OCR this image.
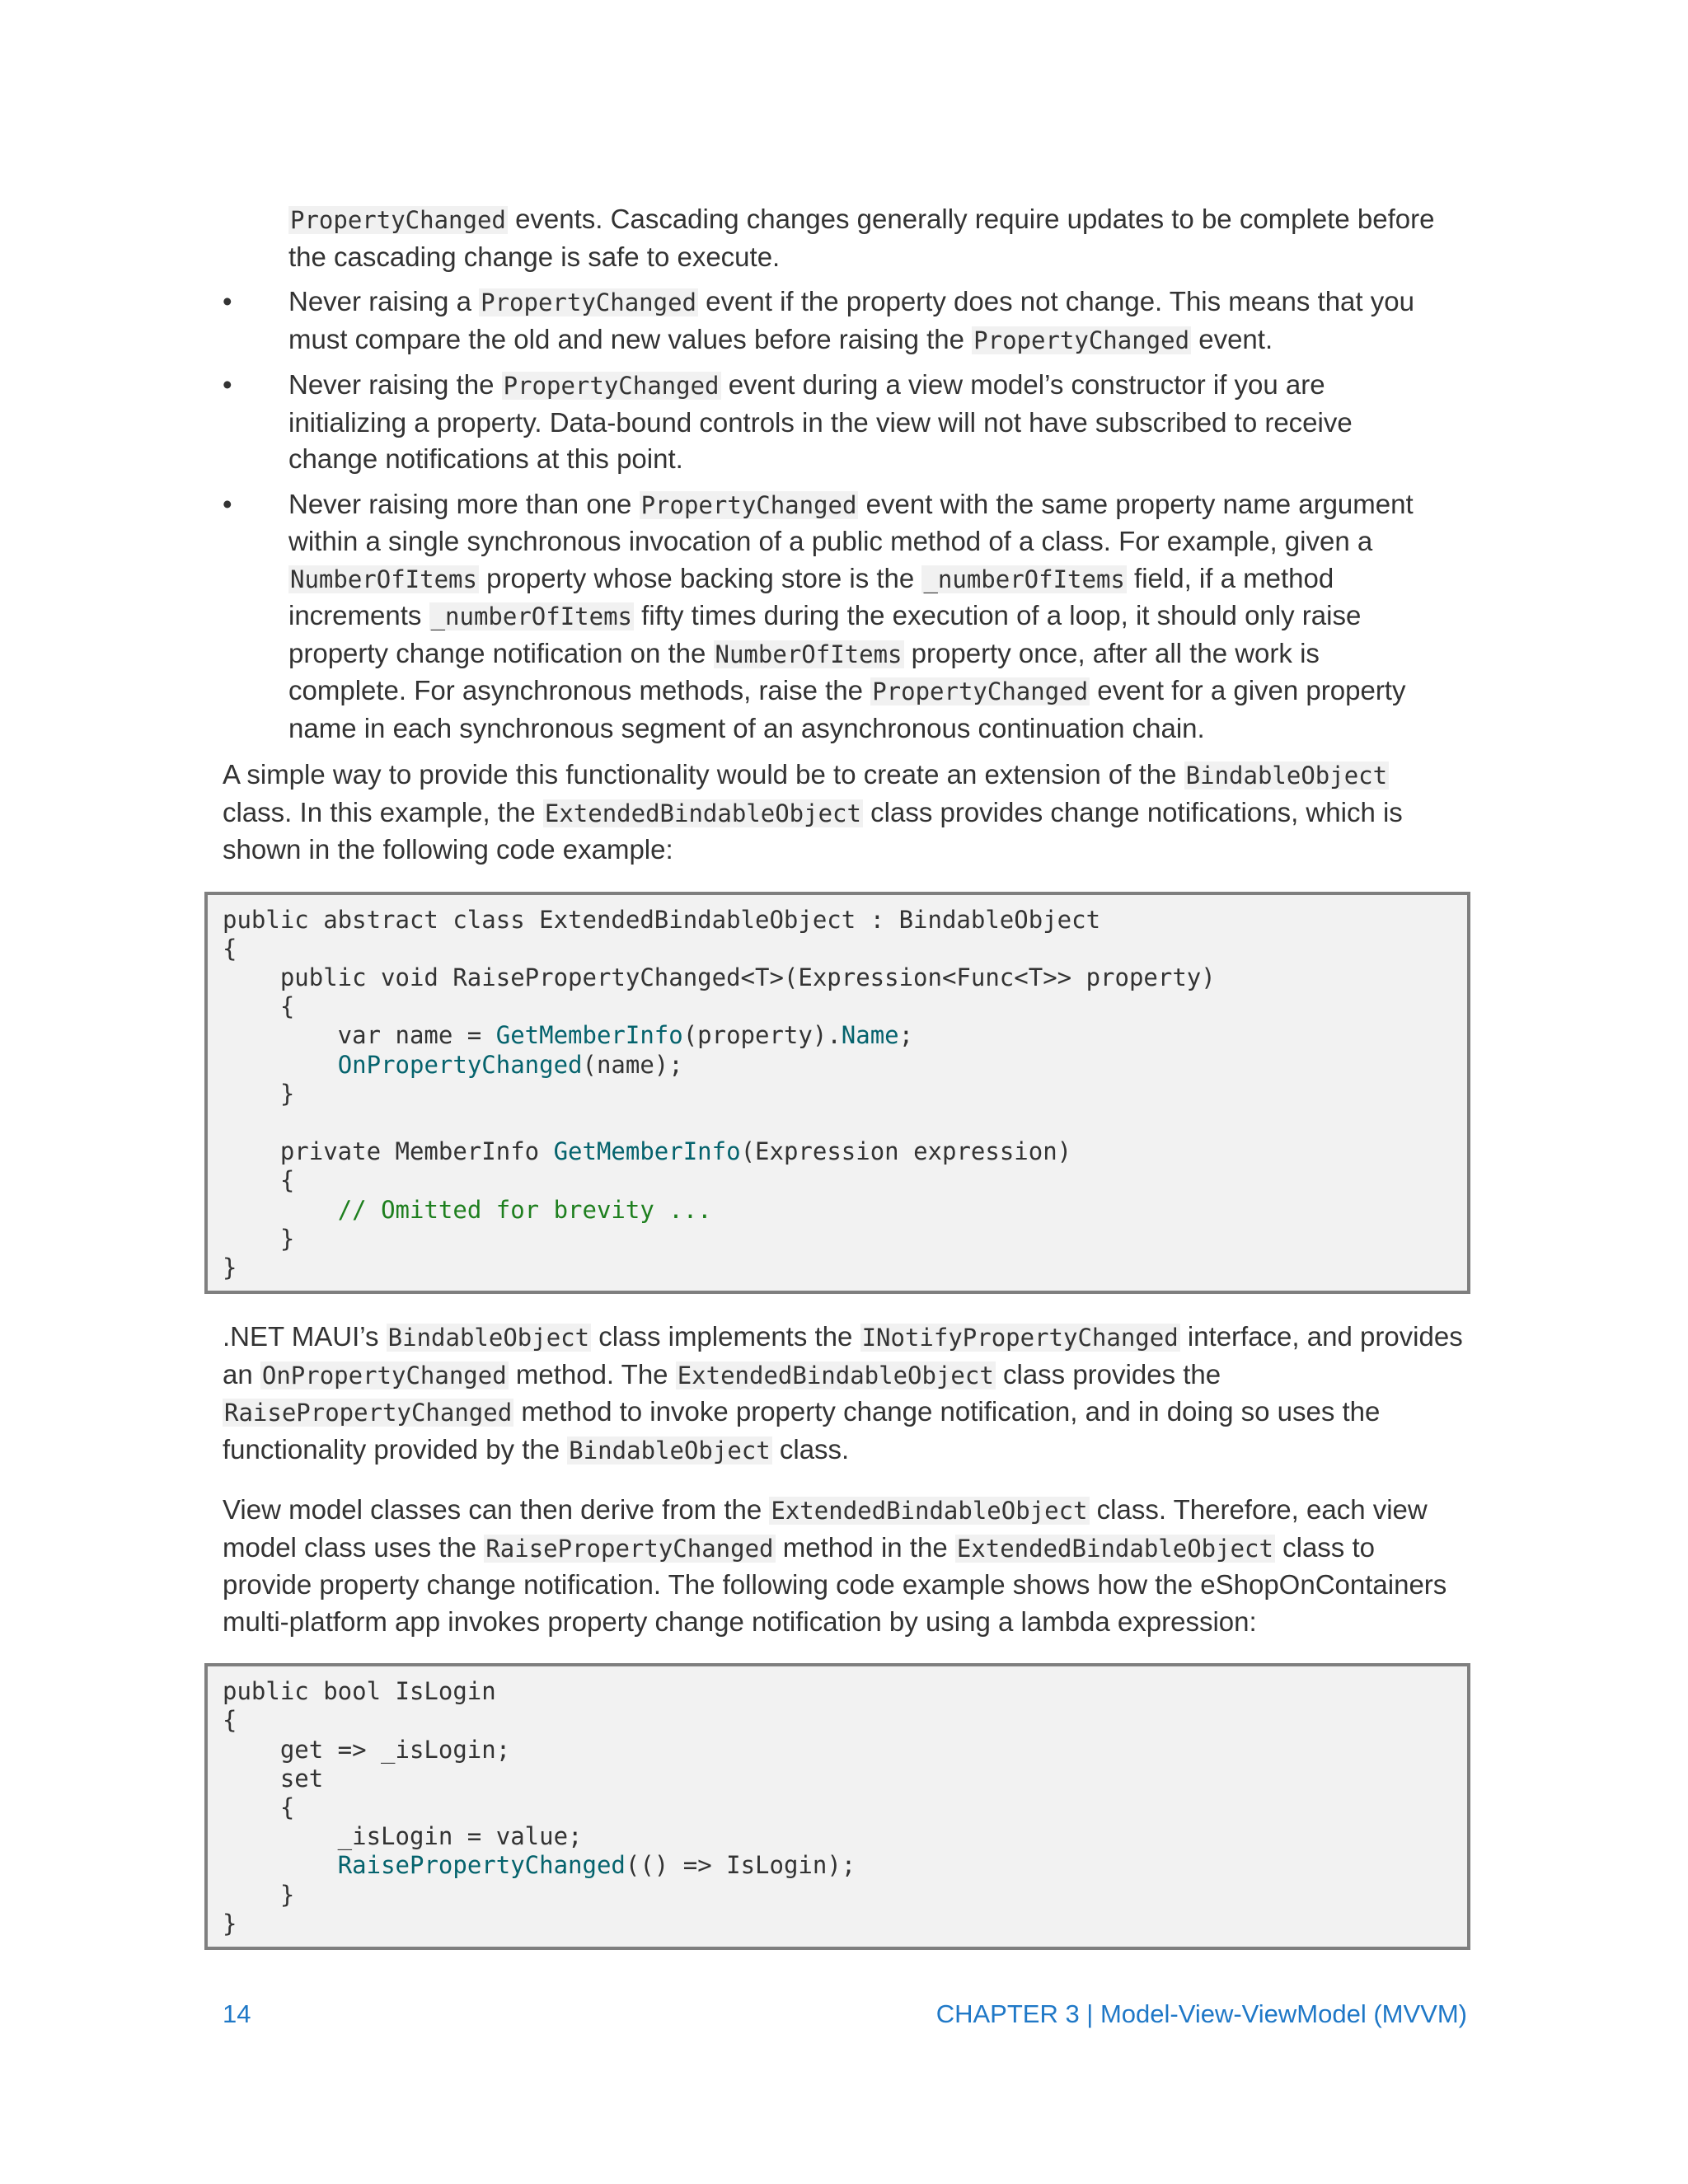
PropertyChanged events. Cascading changes generally require updates to be complete before
the cascading change is safe to execute.
• Never raising a PropertyChanged event if the property does not change. This means that you
must compare the old and new values before raising the PropertyChanged event.
• Never raising the PropertyChanged event during a view model’s constructor if you are
initializing a property. Data-bound controls in the view will not have subscribed to receive
change notifications at this point.
• Never raising more than one PropertyChanged event with the same property name argument
within a single synchronous invocation of a public method of a class. For example, given a
NumberOfItems property whose backing store is the _numberOfItems field, if a method
increments _numberOfItems fifty times during the execution of a loop, it should only raise
property change notification on the NumberOfItems property once, after all the work is
complete. For asynchronous methods, raise the PropertyChanged event for a given property
name in each synchronous segment of an asynchronous continuation chain.
A simple way to provide this functionality would be to create an extension of the BindableObject
class. In this example, the ExtendedBindableObject class provides change notifications, which is
shown in the following code example:
public abstract class ExtendedBindableObject : BindableObject
{
public void RaisePropertyChanged<T>(Expression<Func<T>> property)
{
var name = GetMemberInfo(property).Name;
OnPropertyChanged(name);
}
private MemberInfo GetMemberInfo(Expression expression)
{
// Omitted for brevity ...
}
}
.NET MAUI’s BindableObject class implements the INotifyPropertyChanged interface, and provides
an OnPropertyChanged method. The ExtendedBindableObject class provides the
RaisePropertyChanged method to invoke property change notification, and in doing so uses the
functionality provided by the BindableObject class.
View model classes can then derive from the ExtendedBindableObject class. Therefore, each view
model class uses the RaisePropertyChanged method in the ExtendedBindableObject class to
provide property change notification. The following code example shows how the eShopOnContainers
multi-platform app invokes property change notification by using a lambda expression:
public bool IsLogin
{
get => _isLogin;
set
{
_isLogin = value;
RaisePropertyChanged(() => IsLogin);
}
}
14	CHAPTER 3 | Model-View-ViewModel (MVVM)
